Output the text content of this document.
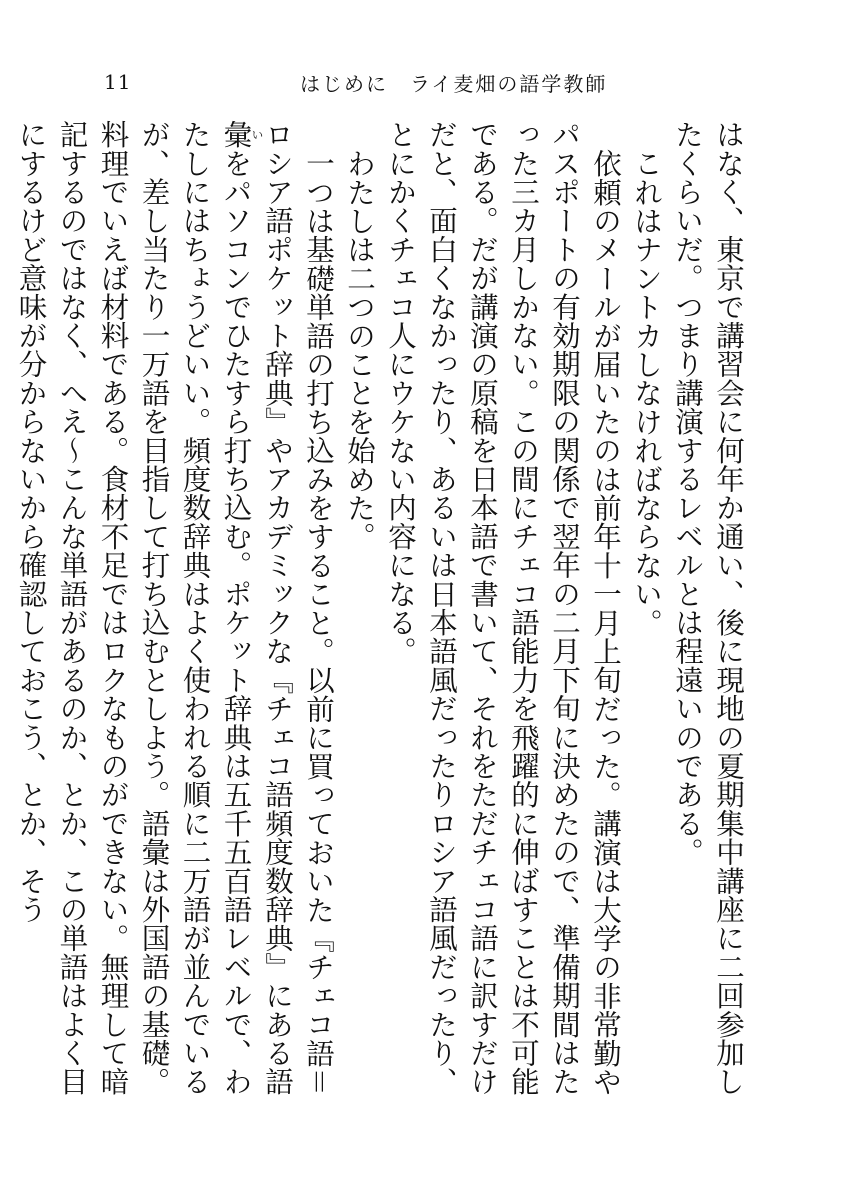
11	はじめに　ライ麦畑の語学教師

はなく、東京で講習会に何年か通い、後に現地の夏期集中講座に二回参加したくらいだ。つまり講演するレベルとは程遠いのである。

これはナントカしなければならない。

依頼のメールが届いたのは前年十一月上旬だった。講演は大学の非常勤やパスポートの有効期限の関係で翌年の二月下旬に決めたので、準備期間はたった三カ月しかない。この間にチェコ語能力を飛躍的に伸ばすことは不可能である。だが講演の原稿を日本語で書いて、それをただチェコ語に訳すだけだと、面白くなかったり、あるいは日本語風だったりロシア語風だったり、とにかくチェコ人にウケない内容になる。

わたしは二つのことを始めた。

一つは基礎単語の打ち込みをすること。以前に買っておいた『チェコ語＝ロシア語ポケット辞典』やアカデミックな『チェコ語頻度数辞典』にある語彙いをパソコンでひたすら打ち込む。ポケット辞典は五千五百語レベルで、わたしにはちょうどいい。頻度数辞典はよく使われる順に二万語が並んでいるが、差し当たり一万語を目指して打ち込むとしよう。語彙は外国語の基礎。料理でいえば材料である。食材不足ではロクなものができない。無理して暗記するのではなく、へえ～こんな単語があるのか、とか、この単語はよく目にするけど意味が分からないから確認しておこう、とか、そう
